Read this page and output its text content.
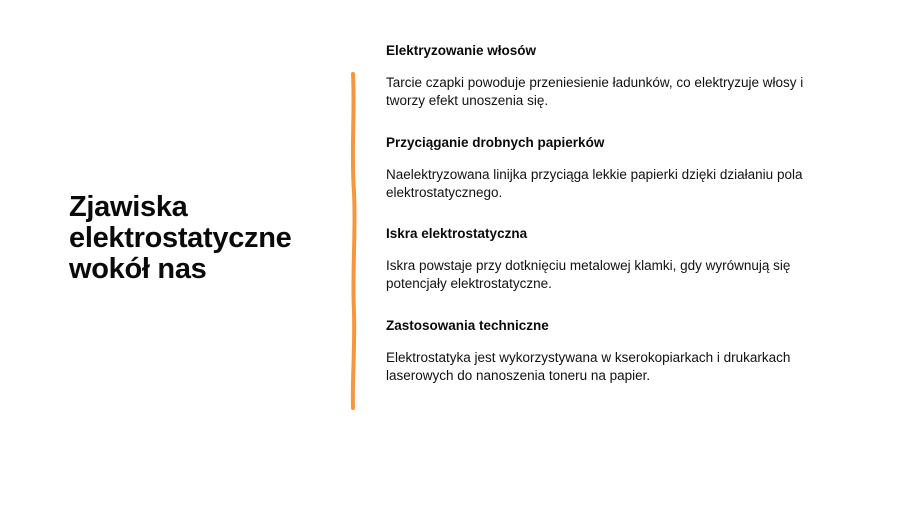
Zjawiska elektrostatyczne wokół nas

Elektryzowanie włosów

Tarcie czapki powoduje przeniesienie ładunków, co elektryzuje włosy i tworzy efekt unoszenia się.

Przyciąganie drobnych papierków

Naelektryzowana linijka przyciąga lekkie papierki dzięki działaniu pola elektrostatycznego.

Iskra elektrostatyczna

Iskra powstaje przy dotknięciu metalowej klamki, gdy wyrównują się potencjały elektrostatyczne.

Zastosowania techniczne

Elektrostatyka jest wykorzystywana w kserokopiarkach i drukarkach laserowych do nanoszenia toneru na papier.
